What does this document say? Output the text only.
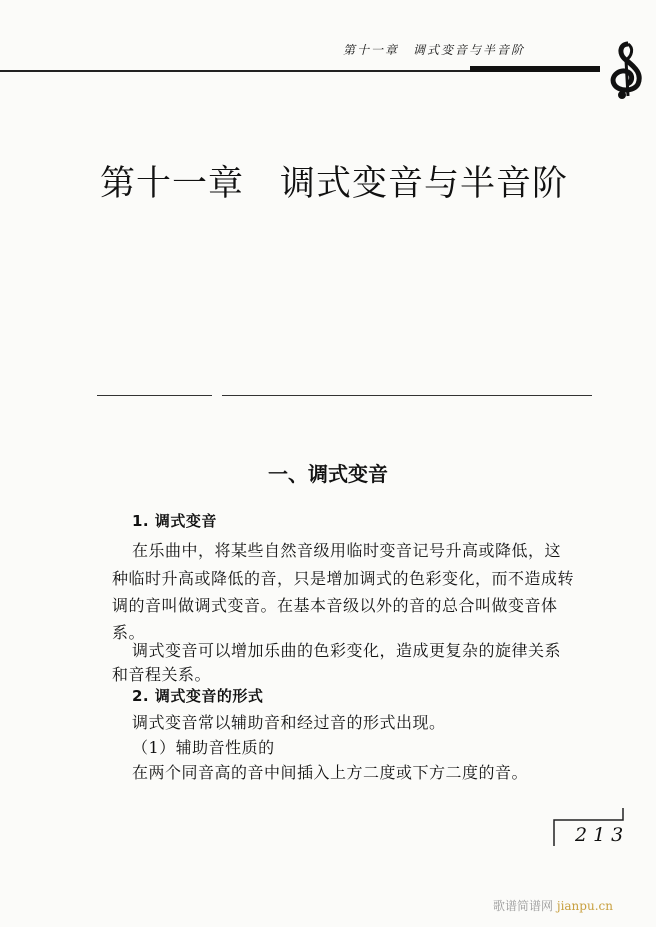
第十一章　调式变音与半音阶
第十一章　调式变音与半音阶
一、调式变音
1. 调式变音
在乐曲中，将某些自然音级用临时变音记号升高或降低，这
种临时升高或降低的音，只是增加调式的色彩变化，而不造成转
调的音叫做调式变音。在基本音级以外的音的总合叫做变音体
系。
调式变音可以增加乐曲的色彩变化，造成更复杂的旋律关系
和音程关系。
2. 调式变音的形式
调式变音常以辅助音和经过音的形式出现。
（1）辅助音性质的
在两个同音高的音中间插入上方二度或下方二度的音。
213
歌谱简谱网 jianpu.cn
